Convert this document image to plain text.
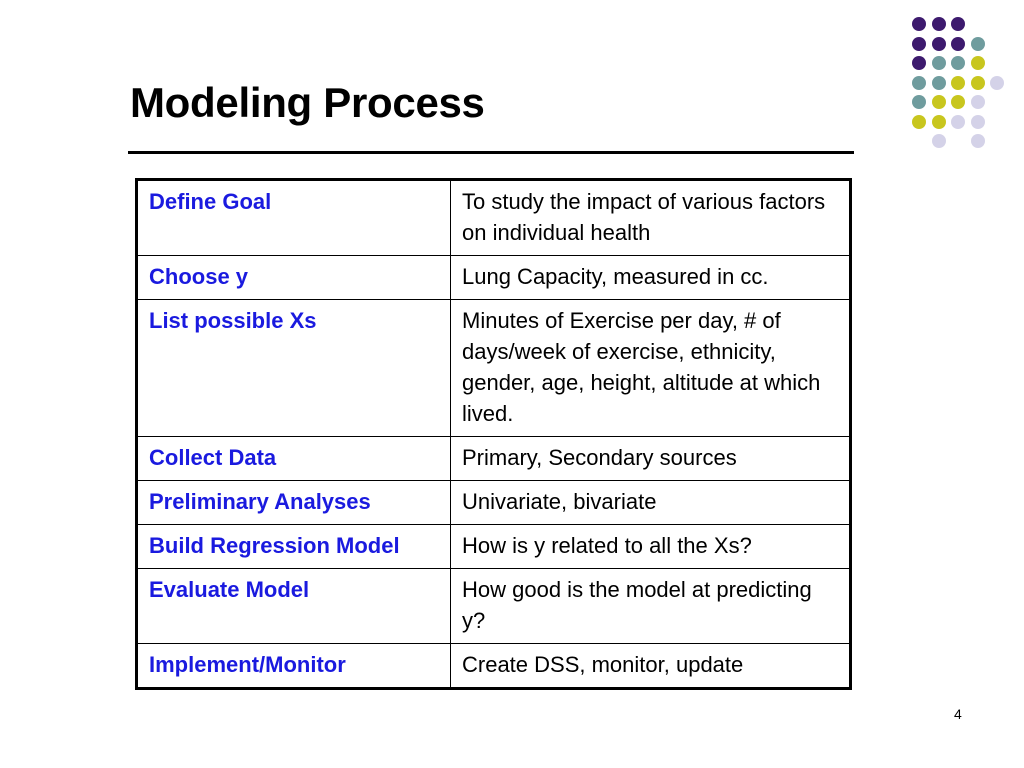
Modeling Process
Define Goal	To study the impact of various factors on individual health
Choose y	Lung Capacity, measured in cc.
List possible Xs	Minutes of Exercise per day, # of days/week of exercise, ethnicity, gender, age, height, altitude at which lived.
Collect Data	Primary, Secondary sources
Preliminary Analyses	Univariate, bivariate
Build Regression Model	How is y related to all the Xs?
Evaluate Model	How good is the model at predicting y?
Implement/Monitor	Create DSS, monitor, update
4
